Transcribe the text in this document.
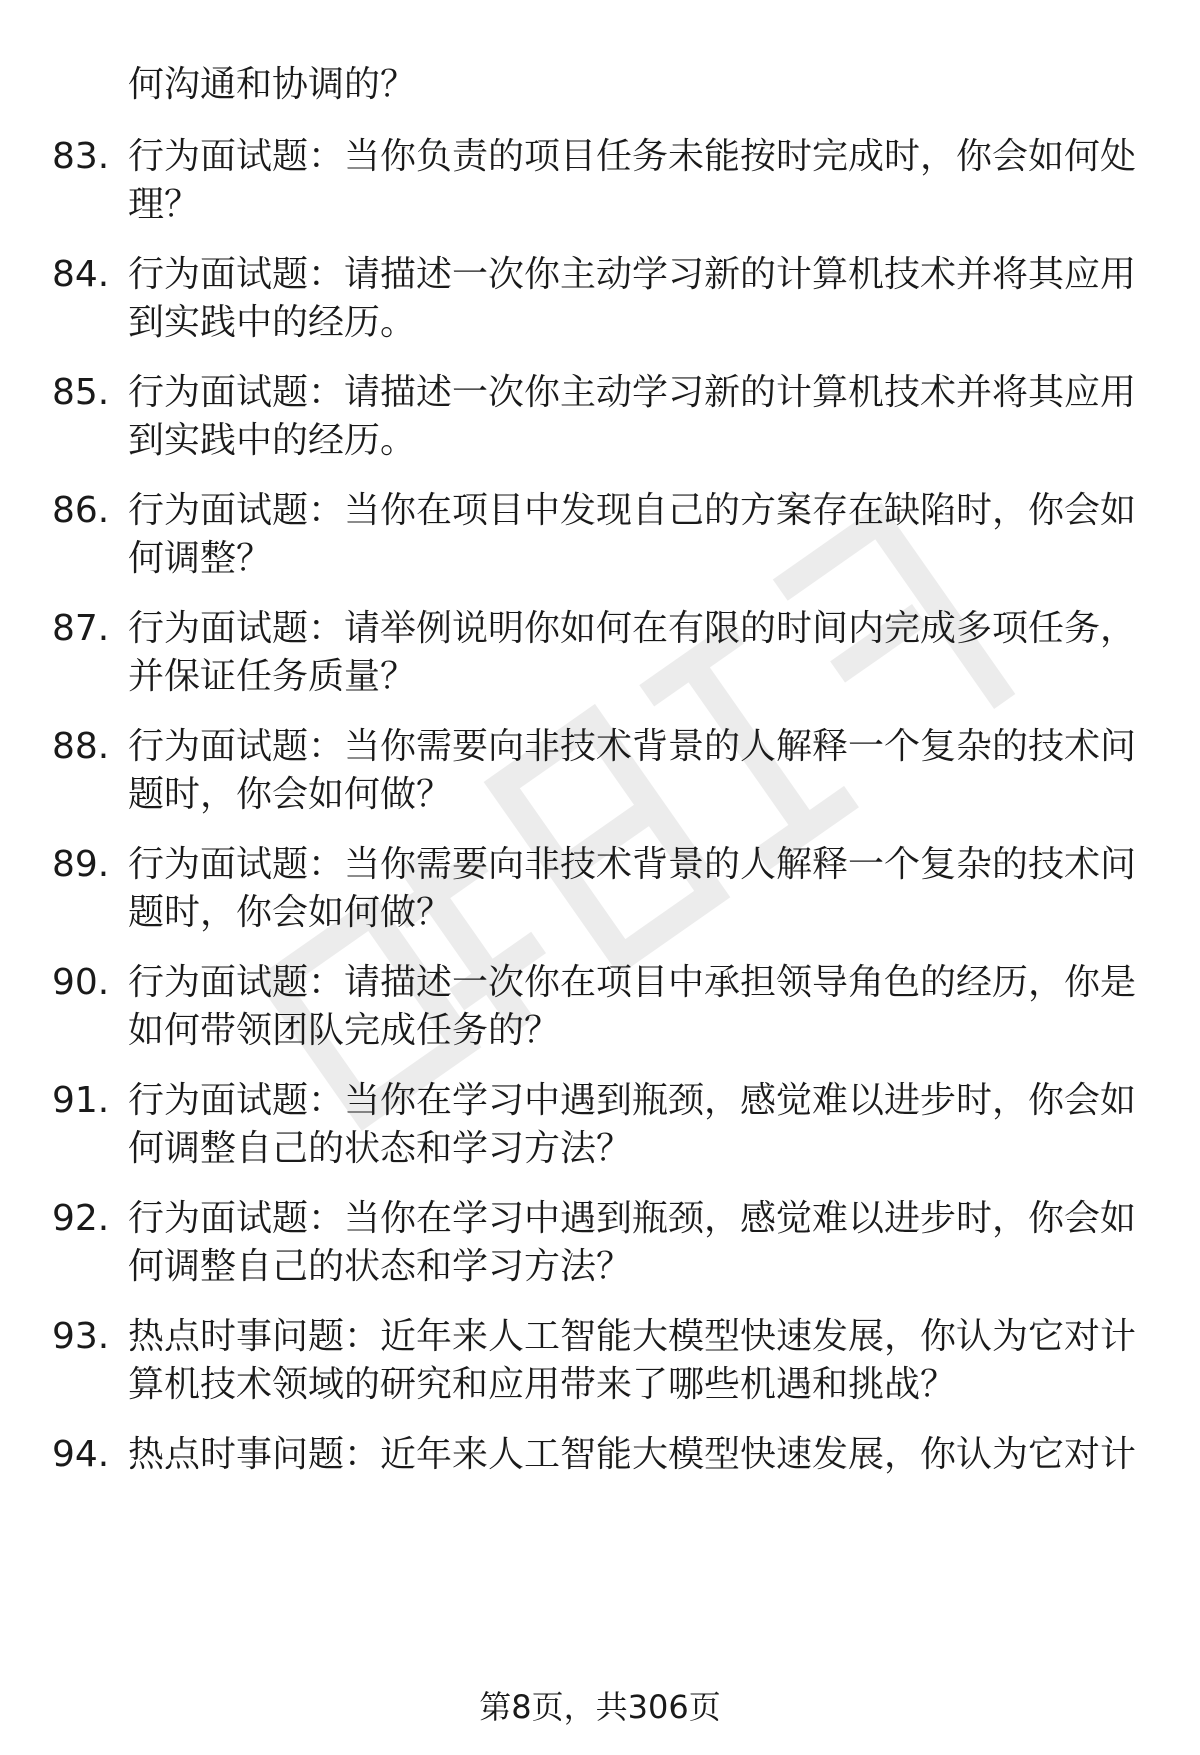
何沟通和协调的？
83. 行为面试题：当你负责的项目任务未能按时完成时，你会如何处
理？
84. 行为面试题：请描述一次你主动学习新的计算机技术并将其应用
到实践中的经历。
85. 行为面试题：请描述一次你主动学习新的计算机技术并将其应用
到实践中的经历。
86. 行为面试题：当你在项目中发现自己的方案存在缺陷时，你会如
何调整？
87. 行为面试题：请举例说明你如何在有限的时间内完成多项任务，
并保证任务质量？
88. 行为面试题：当你需要向非技术背景的人解释一个复杂的技术问
题时，你会如何做？
89. 行为面试题：当你需要向非技术背景的人解释一个复杂的技术问
题时，你会如何做？
90. 行为面试题：请描述一次你在项目中承担领导角色的经历，你是
如何带领团队完成任务的？
91. 行为面试题：当你在学习中遇到瓶颈，感觉难以进步时，你会如
何调整自己的状态和学习方法？
92. 行为面试题：当你在学习中遇到瓶颈，感觉难以进步时，你会如
何调整自己的状态和学习方法？
93. 热点时事问题：近年来人工智能大模型快速发展，你认为它对计
算机技术领域的研究和应用带来了哪些机遇和挑战？
94. 热点时事问题：近年来人工智能大模型快速发展，你认为它对计
第8页，共306页
